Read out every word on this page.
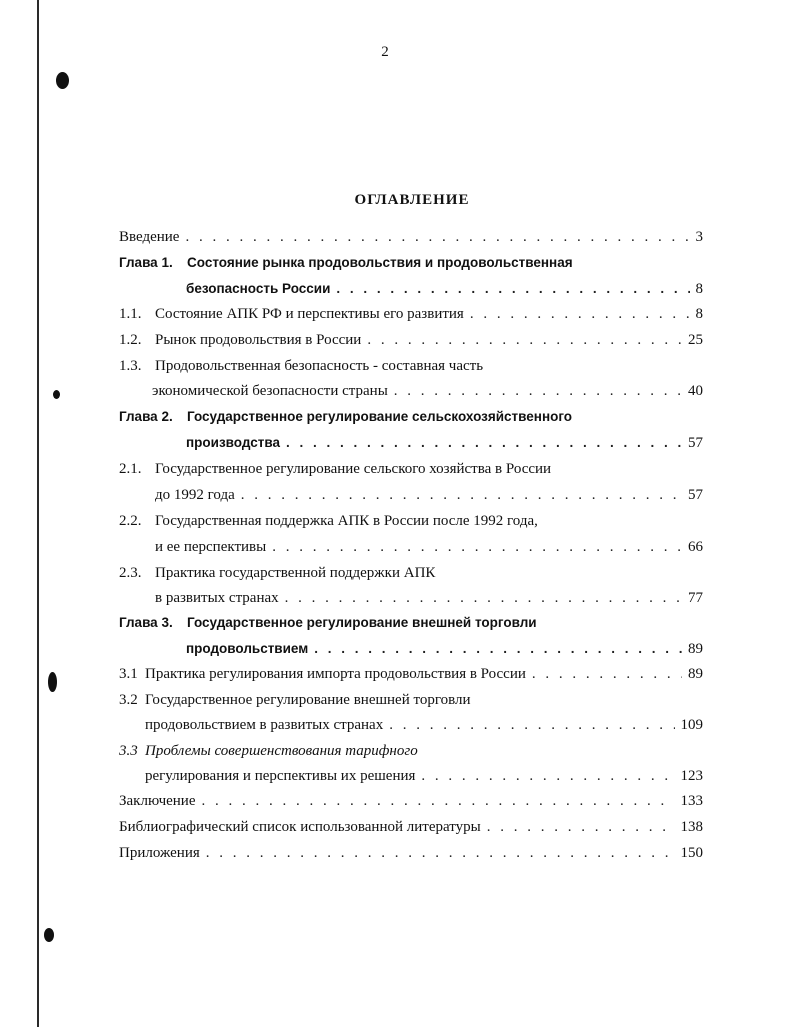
2
ОГЛАВЛЕНИЕ
Введение . . .	3
Глава 1.	Состояние рынка продовольствия и продовольственная
безопасность России . . .	8
1.1. Состояние АПК РФ и перспективы его развития . . .	8
1.2. Рынок продовольствия в России . . .	25
1.3. Продовольственная безопасность - составная часть
экономической безопасности страны . . .	40
Глава 2.	Государственное регулирование сельскохозяйственного
производства . . .	57
2.1. Государственное регулирование сельского хозяйства в России
до 1992 года . . .	57
2.2. Государственная поддержка АПК в России после 1992 года,
и ее перспективы . . .	66
2.3. Практика государственной поддержки АПК
в развитых странах . . .	77
Глава 3.	Государственное регулирование внешней торговли
продовольствием . . .	89
3.1 Практика регулирования импорта продовольствия в России . . .	89
3.2 Государственное регулирование внешней торговли
продовольствием в развитых странах . . .	109
3.3 Проблемы совершенствования тарифного
регулирования и перспективы их решения . . .	123
Заключение . . .	133
Библиографический список использованной литературы . . .	138
Приложения . . .	150
